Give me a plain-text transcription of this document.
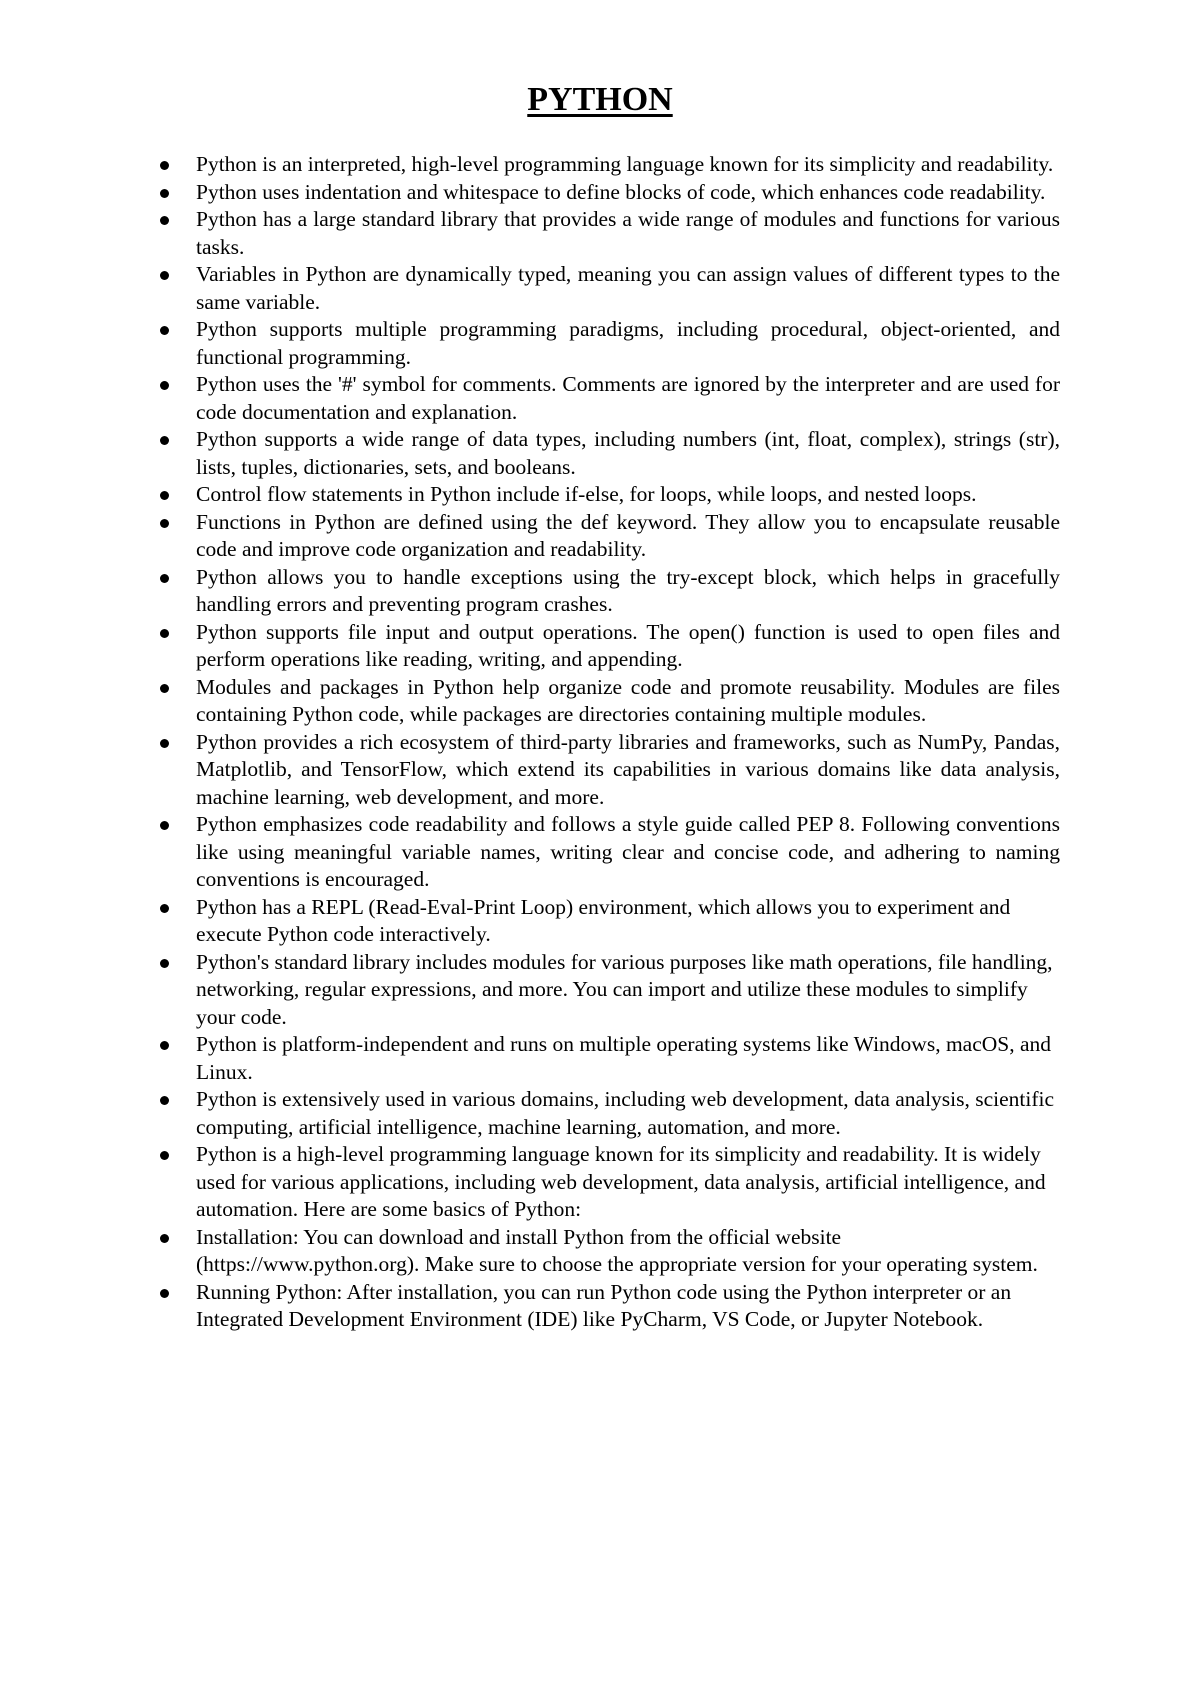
PYTHON
Python is an interpreted, high-level programming language known for its simplicity and readability.
Python uses indentation and whitespace to define blocks of code, which enhances code readability.
Python has a large standard library that provides a wide range of modules and functions for various tasks.
Variables in Python are dynamically typed, meaning you can assign values of different types to the same variable.
Python supports multiple programming paradigms, including procedural, object-oriented, and functional programming.
Python uses the '#' symbol for comments. Comments are ignored by the interpreter and are used for code documentation and explanation.
Python supports a wide range of data types, including numbers (int, float, complex), strings (str), lists, tuples, dictionaries, sets, and booleans.
Control flow statements in Python include if-else, for loops, while loops, and nested loops.
Functions in Python are defined using the def keyword. They allow you to encapsulate reusable code and improve code organization and readability.
Python allows you to handle exceptions using the try-except block, which helps in gracefully handling errors and preventing program crashes.
Python supports file input and output operations. The open() function is used to open files and perform operations like reading, writing, and appending.
Modules and packages in Python help organize code and promote reusability. Modules are files containing Python code, while packages are directories containing multiple modules.
Python provides a rich ecosystem of third-party libraries and frameworks, such as NumPy, Pandas, Matplotlib, and TensorFlow, which extend its capabilities in various domains like data analysis, machine learning, web development, and more.
Python emphasizes code readability and follows a style guide called PEP 8. Following conventions like using meaningful variable names, writing clear and concise code, and adhering to naming conventions is encouraged.
Python has a REPL (Read-Eval-Print Loop) environment, which allows you to experiment and execute Python code interactively.
Python's standard library includes modules for various purposes like math operations, file handling, networking, regular expressions, and more. You can import and utilize these modules to simplify your code.
Python is platform-independent and runs on multiple operating systems like Windows, macOS, and Linux.
Python is extensively used in various domains, including web development, data analysis, scientific computing, artificial intelligence, machine learning, automation, and more.
Python is a high-level programming language known for its simplicity and readability. It is widely used for various applications, including web development, data analysis, artificial intelligence, and automation. Here are some basics of Python:
Installation: You can download and install Python from the official website (https://www.python.org). Make sure to choose the appropriate version for your operating system.
Running Python: After installation, you can run Python code using the Python interpreter or an Integrated Development Environment (IDE) like PyCharm, VS Code, or Jupyter Notebook.
